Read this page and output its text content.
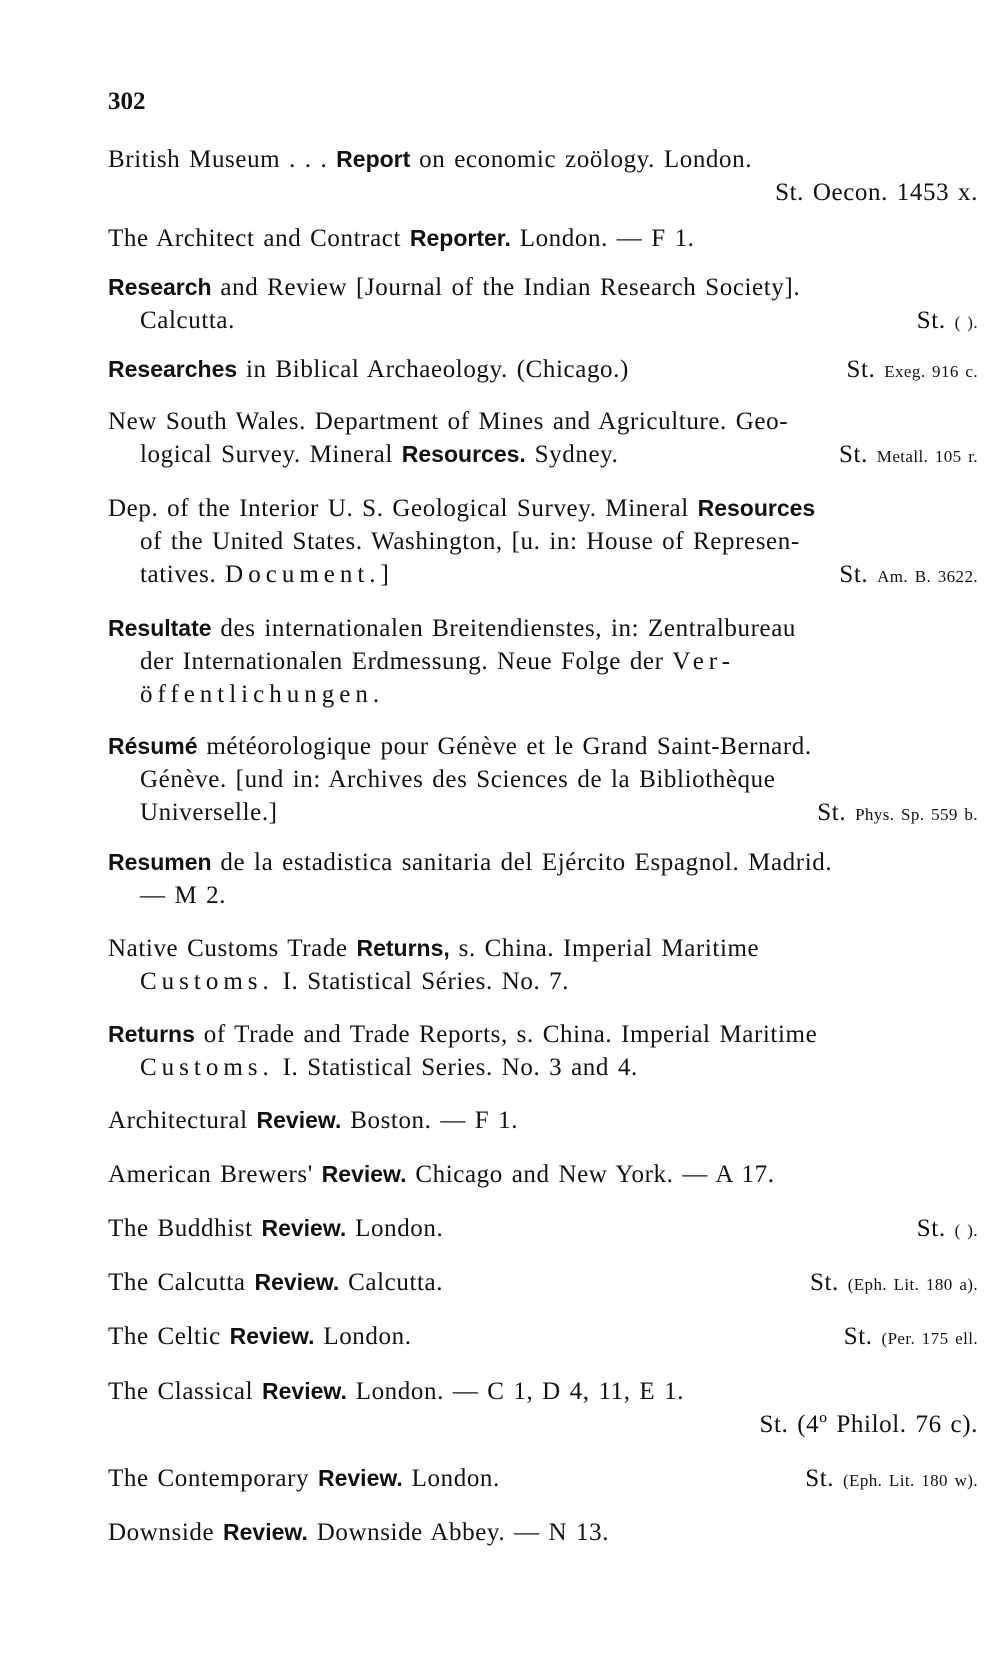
302
British Museum . . . Report on economic zoölogy. London.
St. Oecon. 1453 x.
The Architect and Contract Reporter. London. — F 1.
Research and Review [Journal of the Indian Research Society].
Calcutta.	St. ( ).
Researches in Biblical Archaeology. (Chicago.)	St. Exeg. 916 c.
New South Wales. Department of Mines and Agriculture. Geo-
logical Survey. Mineral Resources. Sydney.	St. Metall. 105 r.
Dep. of the Interior U. S. Geological Survey. Mineral Resources
of the United States. Washington, [u. in: House of Represen-
tatives. Document.]	St. Am. B. 3622.
Resultate des internationalen Breitendienstes, in: Zentralbureau
der Internationalen Erdmessung. Neue Folge der Ver-
öffentlichungen.
Résumé météorologique pour Génève et le Grand Saint-Bernard.
Génève. [und in: Archives des Sciences de la Bibliothèque
Universelle.]	St. Phys. Sp. 559 b.
Resumen de la estadistica sanitaria del Ejército Espagnol. Madrid.
— M 2.
Native Customs Trade Returns, s. China. Imperial Maritime
Customs. I. Statistical Séries. No. 7.
Returns of Trade and Trade Reports, s. China. Imperial Maritime
Customs. I. Statistical Series. No. 3 and 4.
Architectural Review. Boston. — F 1.
American Brewers' Review. Chicago and New York. — A 17.
The Buddhist Review. London.	St. ( ).
The Calcutta Review. Calcutta.	St. (Eph. Lit. 180 a).
The Celtic Review. London.	St. (Per. 175 ell.
The Classical Review. London. — C 1, D 4, 11, E 1.
St. (4º Philol. 76 c).
The Contemporary Review. London.	St. (Eph. Lit. 180 w).
Downside Review. Downside Abbey. — N 13.
